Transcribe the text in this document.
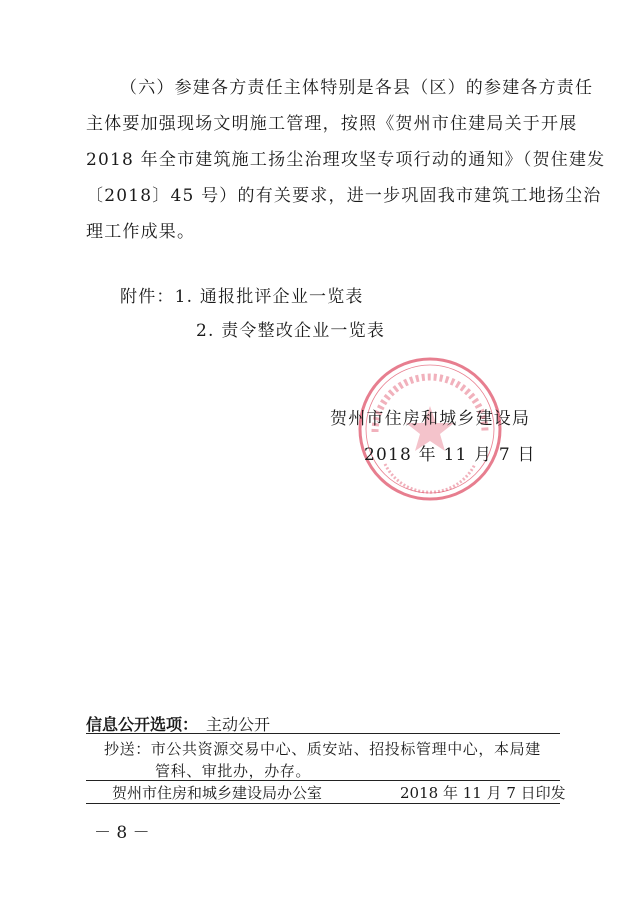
（六）参建各方责任主体特别是各县（区）的参建各方责任
主体要加强现场文明施工管理，按照《贺州市住建局关于开展
2018 年全市建筑施工扬尘治理攻坚专项行动的通知》（贺住建发
〔2018〕45 号）的有关要求，进一步巩固我市建筑工地扬尘治
理工作成果。
附件：1. 通报批评企业一览表
2. 责令整改企业一览表
贺州市住房和城乡建设局
2018 年 11 月 7 日
信息公开选项： 主动公开
抄送：市公共资源交易中心、质安站、招投标管理中心，本局建
管科、审批办，办存。
贺州市住房和城乡建设局办公室	2018 年 11 月 7 日印发
－ 8 －
